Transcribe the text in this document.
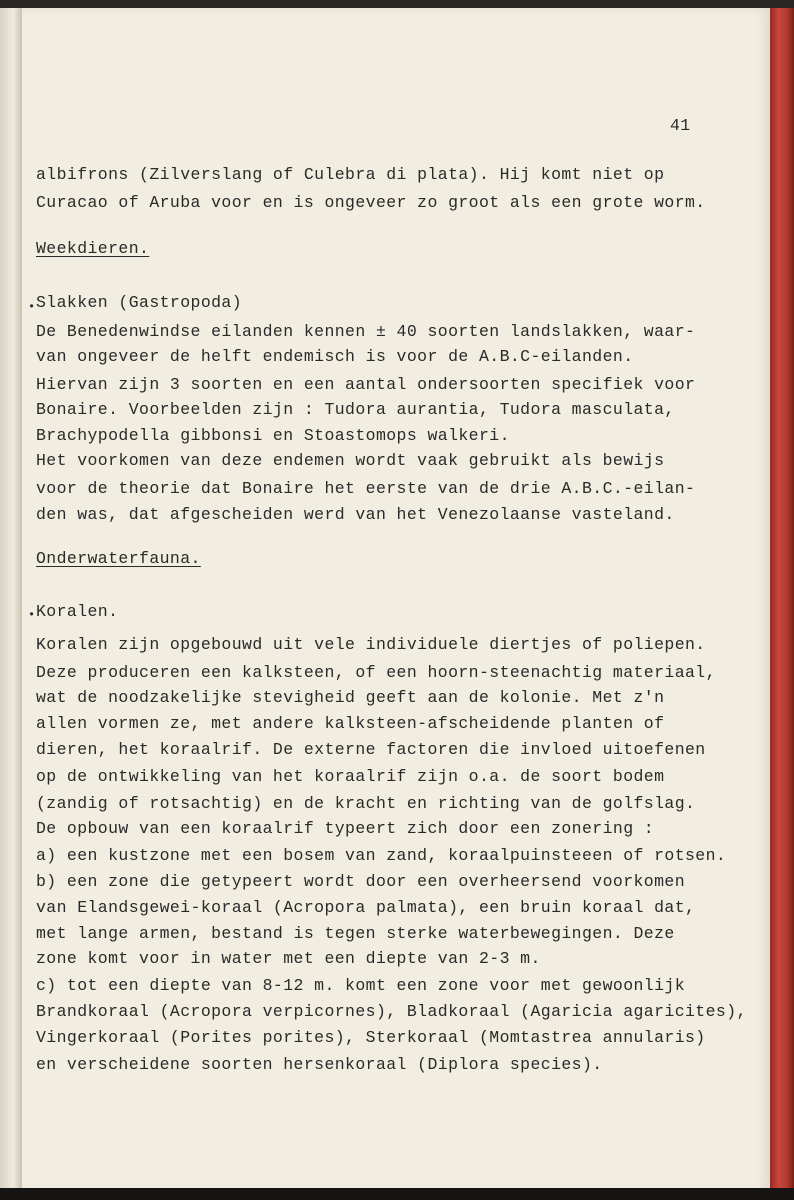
41
albifrons (Zilverslang of Culebra di plata). Hij komt niet op
Curacao of Aruba voor en is ongeveer zo groot als een grote worm.
Weekdieren.
• Slakken (Gastropoda)
De Benedenwindse eilanden kennen ± 40 soorten landslakken, waar-
van ongeveer de helft endemisch is voor de A.B.C-eilanden.
Hiervan zijn 3 soorten en een aantal ondersoorten specifiek voor
Bonaire. Voorbeelden zijn : Tudora aurantia, Tudora masculata,
Brachypodella gibbonsi en Stoastomops walkeri.
Het voorkomen van deze endemen wordt vaak gebruikt als bewijs
voor de theorie dat Bonaire het eerste van de drie A.B.C.-eilan-
den was, dat afgescheiden werd van het Venezolaanse vasteland.
Onderwaterfauna.
• Koralen.
Koralen zijn opgebouwd uit vele individuele diertjes of poliepen.
Deze produceren een kalksteen, of een hoorn-steenachtig materiaal,
wat de noodzakelijke stevigheid geeft aan de kolonie. Met z'n
allen vormen ze, met andere kalksteen-afscheidende planten of
dieren, het koraalrif. De externe factoren die invloed uitoefenen
op de ontwikkeling van het koraalrif zijn o.a. de soort bodem
(zandig of rotsachtig) en de kracht en richting van de golfslag.
De opbouw van een koraalrif typeert zich door een zonering :
a) een kustzone met een bosem van zand, koraalpuinsteeen of rotsen.
b) een zone die getypeert wordt door een overheersend voorkomen
van Elandsgewei-koraal (Acropora palmata), een bruin koraal dat,
met lange armen, bestand is tegen sterke waterbewegingen. Deze
zone komt voor in water met een diepte van 2-3 m.
c) tot een diepte van 8-12 m. komt een zone voor met gewoonlijk
Brandkoraal (Acropora verpicornes), Bladkoraal (Agaricia agaricites),
Vingerkoraal (Porites porites), Sterkoraal (Momtastrea annularis)
en verscheidene soorten hersenkoraal (Diplora species).
